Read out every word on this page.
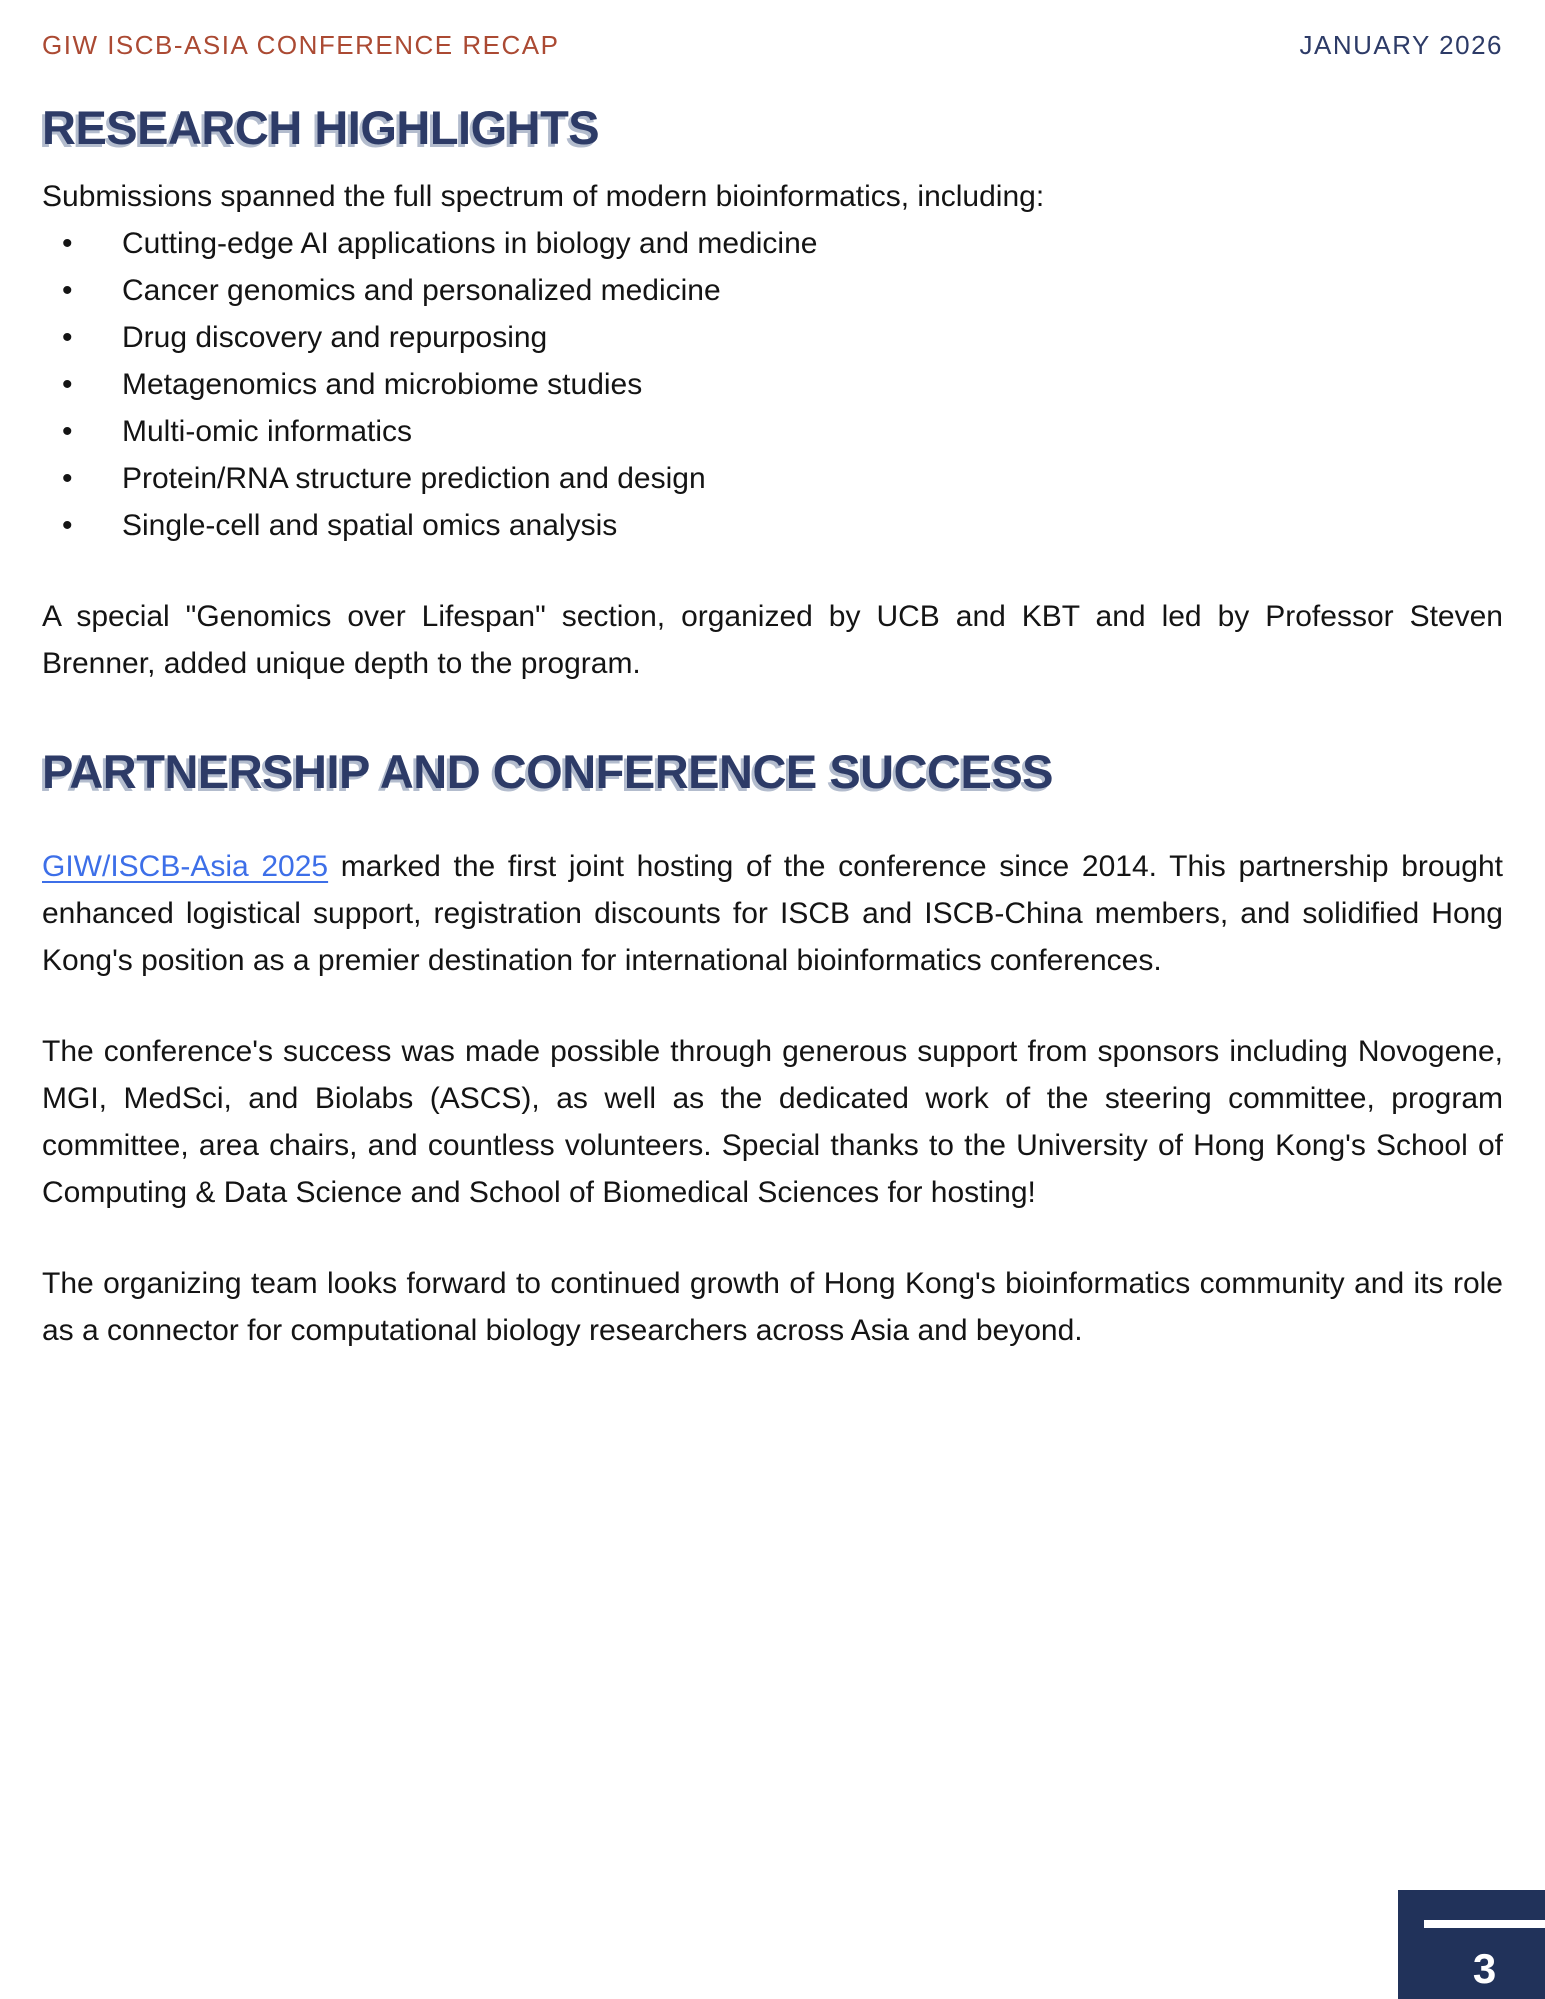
GIW ISCB-ASIA CONFERENCE RECAP	JANUARY 2026
RESEARCH HIGHLIGHTS

Submissions spanned the full spectrum of modern bioinformatics, including:

• Cutting-edge AI applications in biology and medicine
• Cancer genomics and personalized medicine
• Drug discovery and repurposing
• Metagenomics and microbiome studies
• Multi-omic informatics
• Protein/RNA structure prediction and design
• Single-cell and spatial omics analysis

A special "Genomics over Lifespan" section, organized by UCB and KBT and led by Professor Steven Brenner, added unique depth to the program.

PARTNERSHIP AND CONFERENCE SUCCESS

GIW/ISCB-Asia 2025 marked the first joint hosting of the conference since 2014. This partnership brought enhanced logistical support, registration discounts for ISCB and ISCB-China members, and solidified Hong Kong's position as a premier destination for international bioinformatics conferences.

The conference's success was made possible through generous support from sponsors including Novogene, MGI, MedSci, and Biolabs (ASCS), as well as the dedicated work of the steering committee, program committee, area chairs, and countless volunteers. Special thanks to the University of Hong Kong's School of Computing & Data Science and School of Biomedical Sciences for hosting!

The organizing team looks forward to continued growth of Hong Kong's bioinformatics community and its role as a connector for computational biology researchers across Asia and beyond.

3
